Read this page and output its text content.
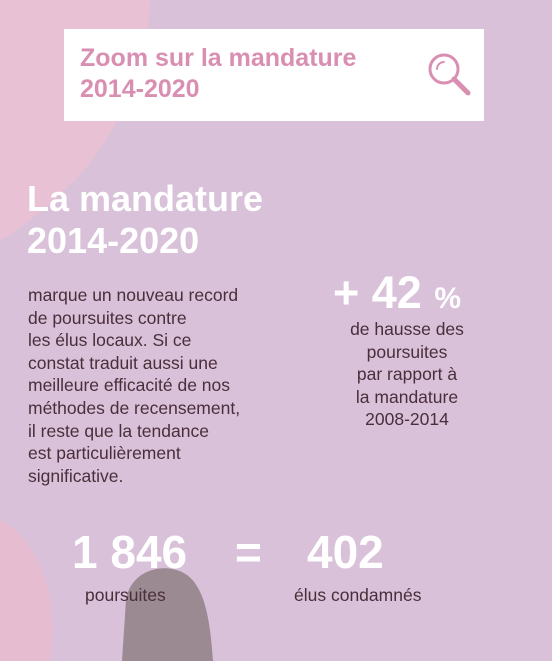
Zoom sur la mandature
2014-2020
La mandature
2014-2020

marque un nouveau record
de poursuites contre
les élus locaux. Si ce
constat traduit aussi une
meilleure efficacité de nos
méthodes de recensement,
il reste que la tendance
est particulièrement
significative.

+ 42 %

de hausse des
poursuites
par rapport à
la mandature
2008-2014

1 846 = 402
poursuites	élus condamnés
